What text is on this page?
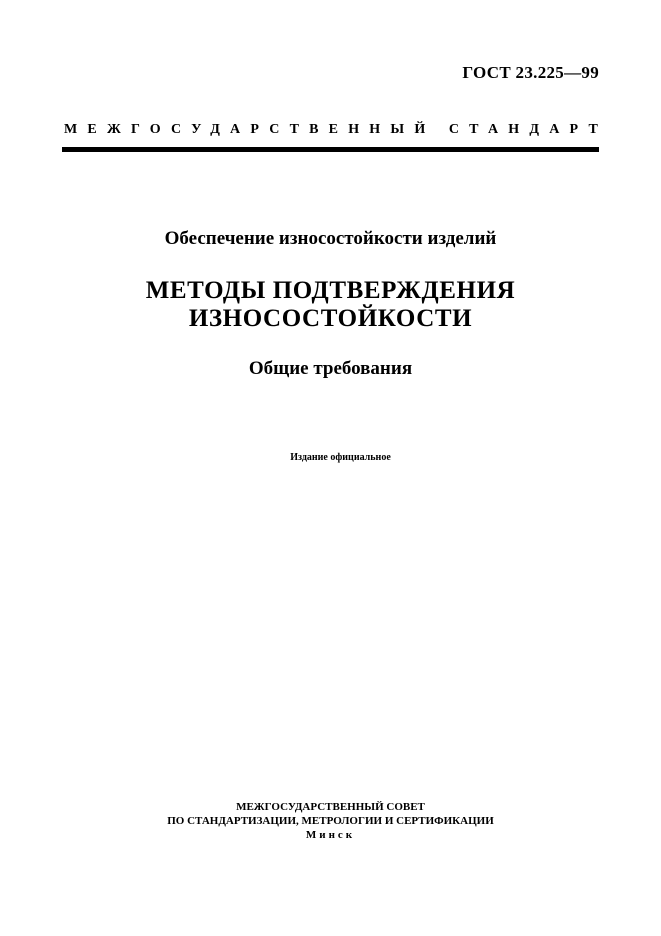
ГОСТ 23.225—99
МЕЖГОСУДАРСТВЕННЫЙ СТАНДАРТ
Обеспечение износостойкости изделий
МЕТОДЫ ПОДТВЕРЖДЕНИЯ
ИЗНОСОСТОЙКОСТИ
Общие требования
Издание официальное
МЕЖГОСУДАРСТВЕННЫЙ СОВЕТ
ПО СТАНДАРТИЗАЦИИ, МЕТРОЛОГИИ И СЕРТИФИКАЦИИ
Минск
